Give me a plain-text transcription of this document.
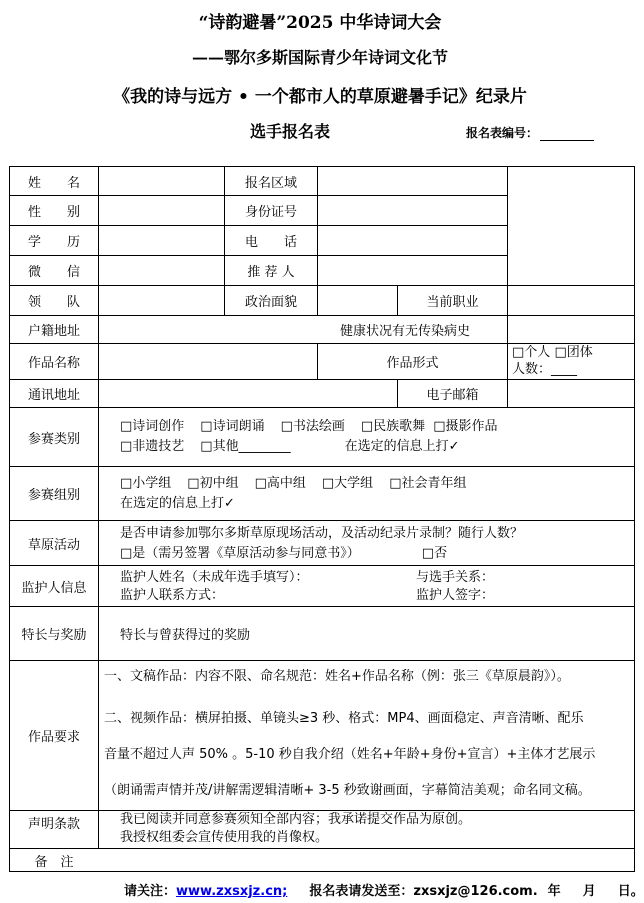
“诗韵避暑”2025 中华诗词大会
——鄂尔多斯国际青少年诗词文化节
《我的诗与远方 • 一个都市人的草原避暑手记》纪录片
选手报名表	报名表编号：
姓　　名	报名区域
性　　别	身份证号
学　　历	电　　话
微　　信	推 荐 人
领　　队	政治面貌	当前职业
户籍地址	健康状况有无传染病史
作品名称	作品形式
□个人 □团体
人数：____
通讯地址	电子邮箱
参赛类别
□诗词创作 □诗词朗诵 □书法绘画 □民族歌舞 □摄影作品
□非遗技艺 □其他________	在选定的信息上打✓
参赛组别
□小学组 □初中组 □高中组 □大学组 □社会青年组
在选定的信息上打✓
草原活动
是否申请参加鄂尔多斯草原现场活动，及活动纪录片录制？随行人数？
□是（需另签署《草原活动参与同意书》）	□否
监护人信息
监护人姓名（未成年选手填写）：	与选手关系：
监护人联系方式：	监护人签字：
特长与奖励	特长与曾获得过的奖励
作品要求
一、文稿作品：内容不限、命名规范：姓名+作品名称（例：张三《草原晨韵》）。
二、视频作品：横屏拍摄、单镜头≥3 秒、格式：MP4、画面稳定、声音清晰、配乐
音量不超过人声 50% 。5-10 秒自我介绍（姓名+年龄+身份+宣言）+主体才艺展示
（朗诵需声情并茂/讲解需逻辑清晰+ 3-5 秒致谢画面，字幕简洁美观；命名同文稿。
声明条款	我已阅读并同意参赛须知全部内容；我承诺提交作品为原创。
我授权组委会宣传使用我的肖像权。
备　注
请关注：www.zxsxjz.cn; 报名表请发送至：zxsxjz@126.com. 年 月 日。
